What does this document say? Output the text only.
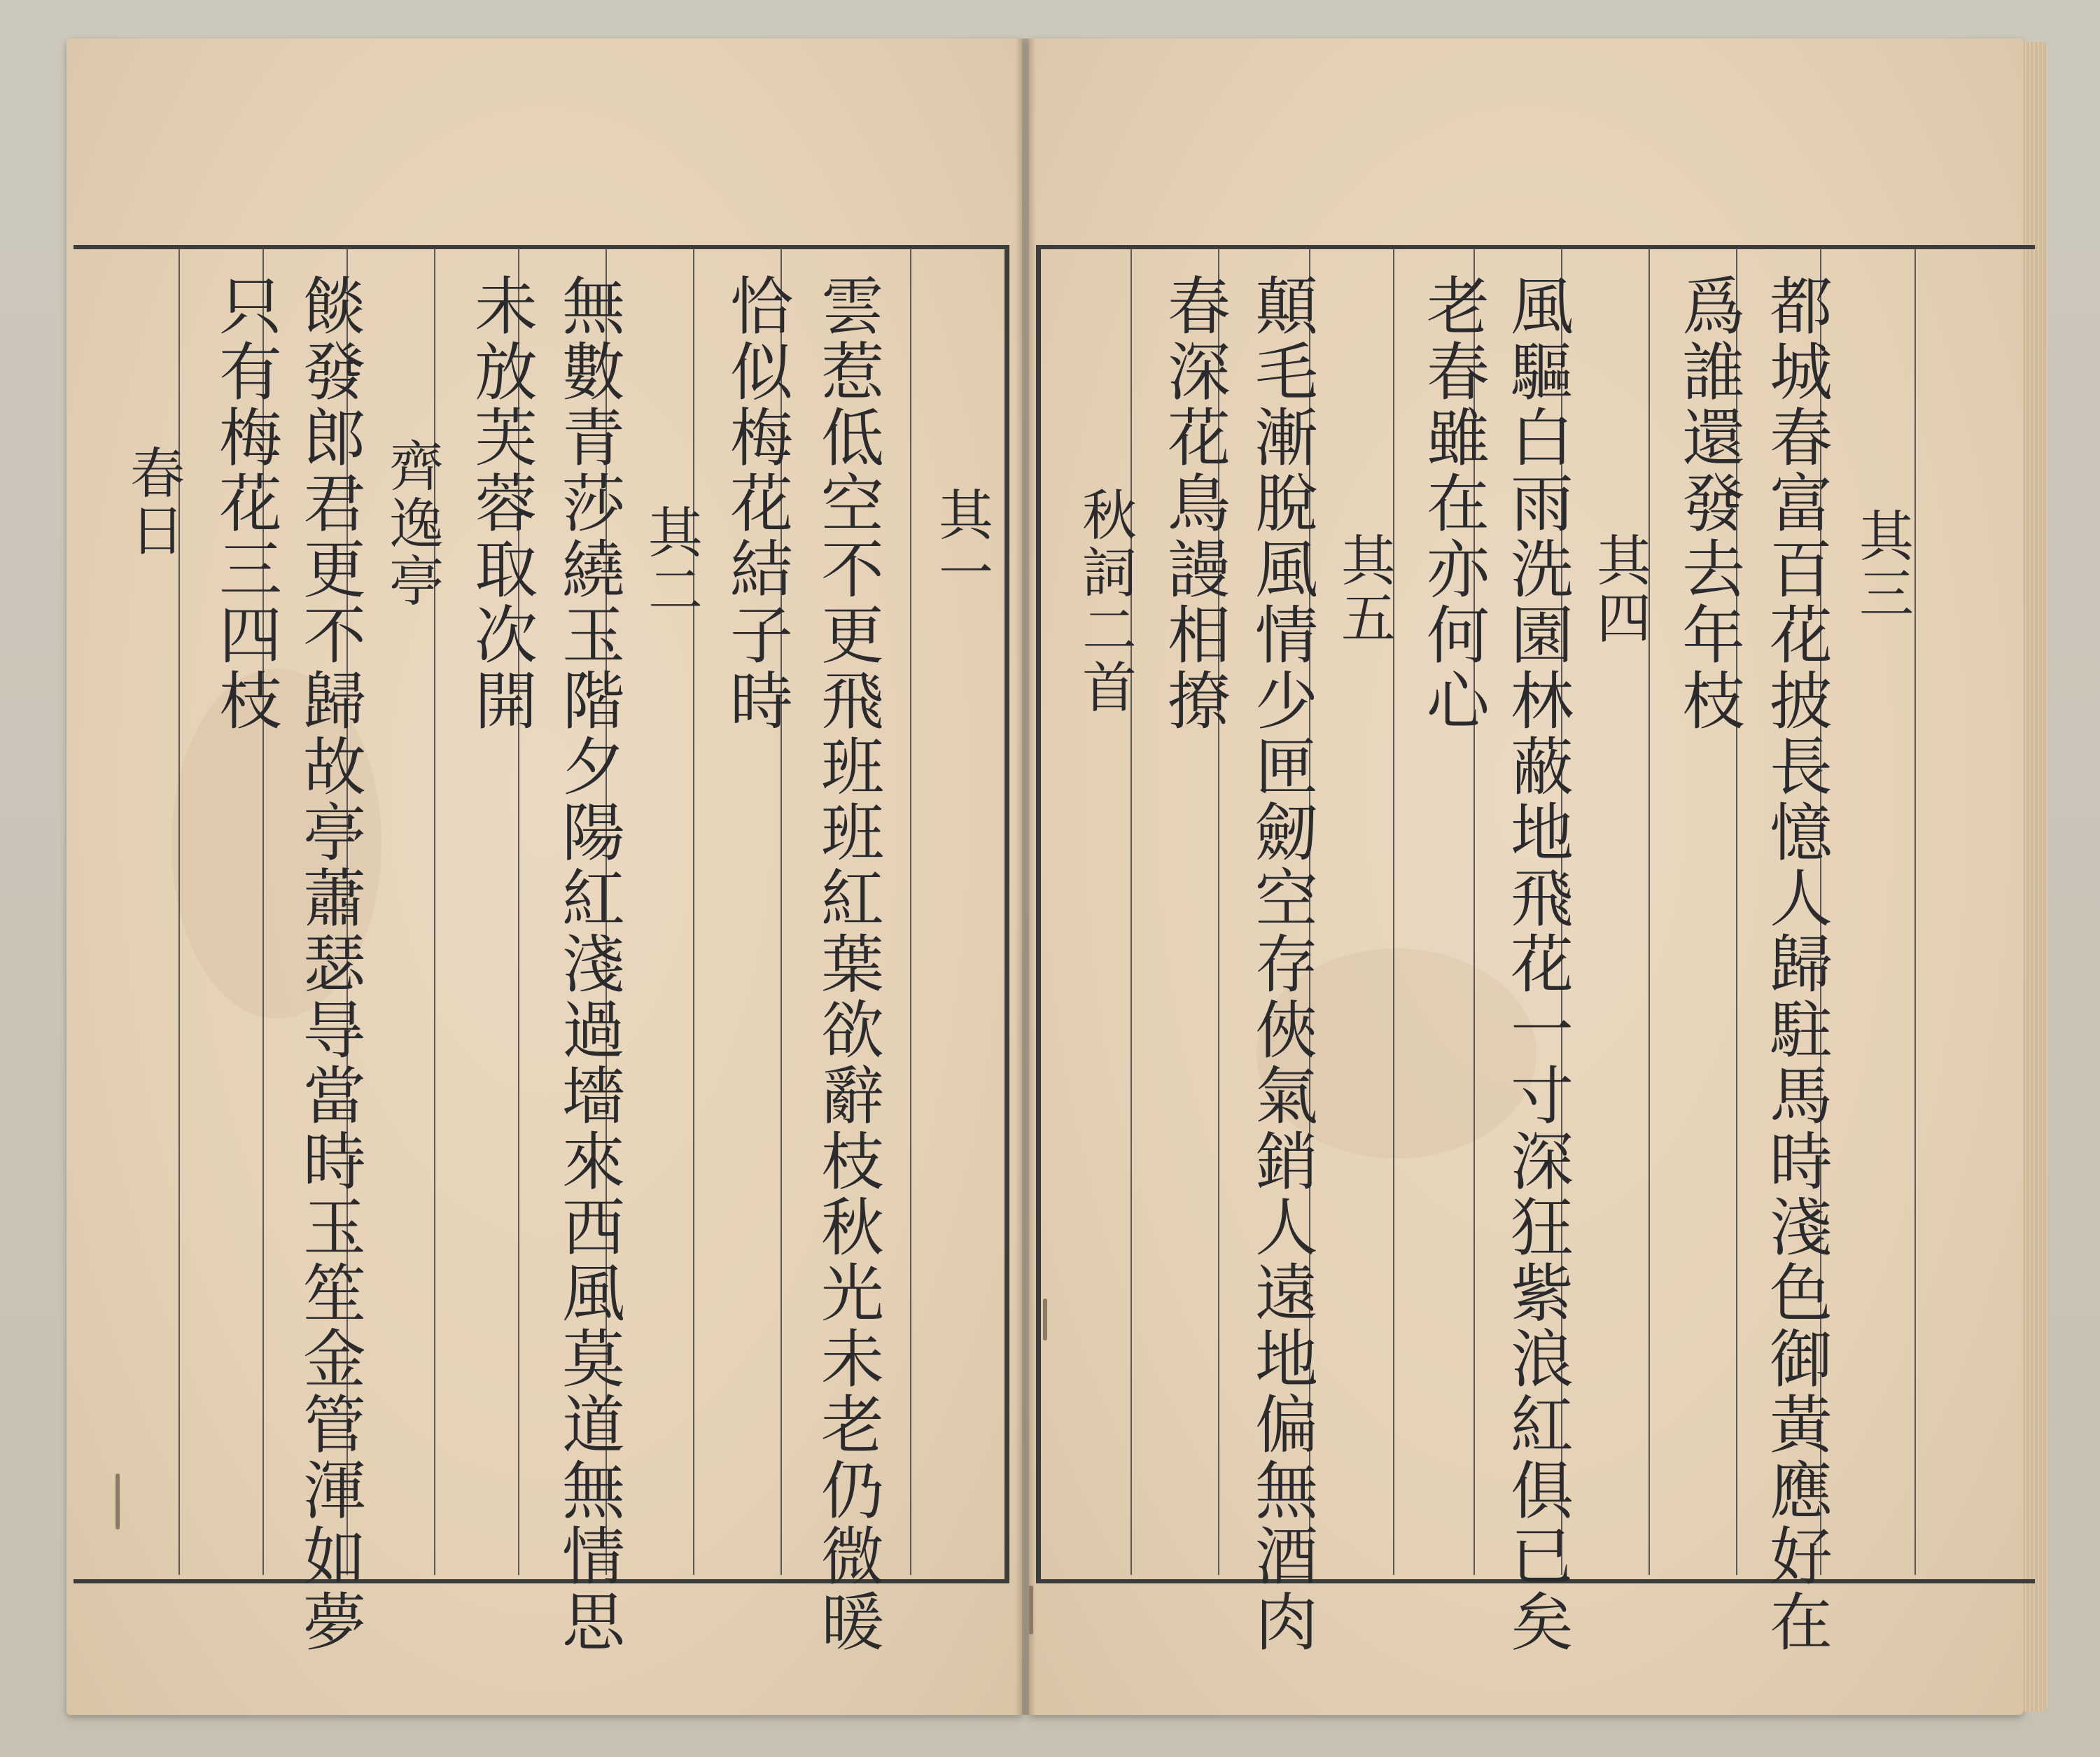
其一
雲惹低空不更飛班班紅葉欲辭枝秋光未老仍微暖
恰似梅花結子時
其二
無數青莎繞玉階夕陽紅淺過墻來西風莫道無情思
未放芙蓉取次開
齊逸亭
餤發郎君更不歸故亭蕭瑟㝵當時玉笙金管渾如夢
只有梅花三四枝
春日
其三
都城春富百花披長憶人歸駐馬時淺色御黃應好在
爲誰還發去年枝
其四
風驅白雨洗園林蔽地飛花一寸深狂紫浪紅俱已矣
老春雖在亦何心
其五
顛毛漸脫風情少匣劒空存俠氣銷人遠地偏無酒肉
春深花鳥謾相撩
秋詞二首
